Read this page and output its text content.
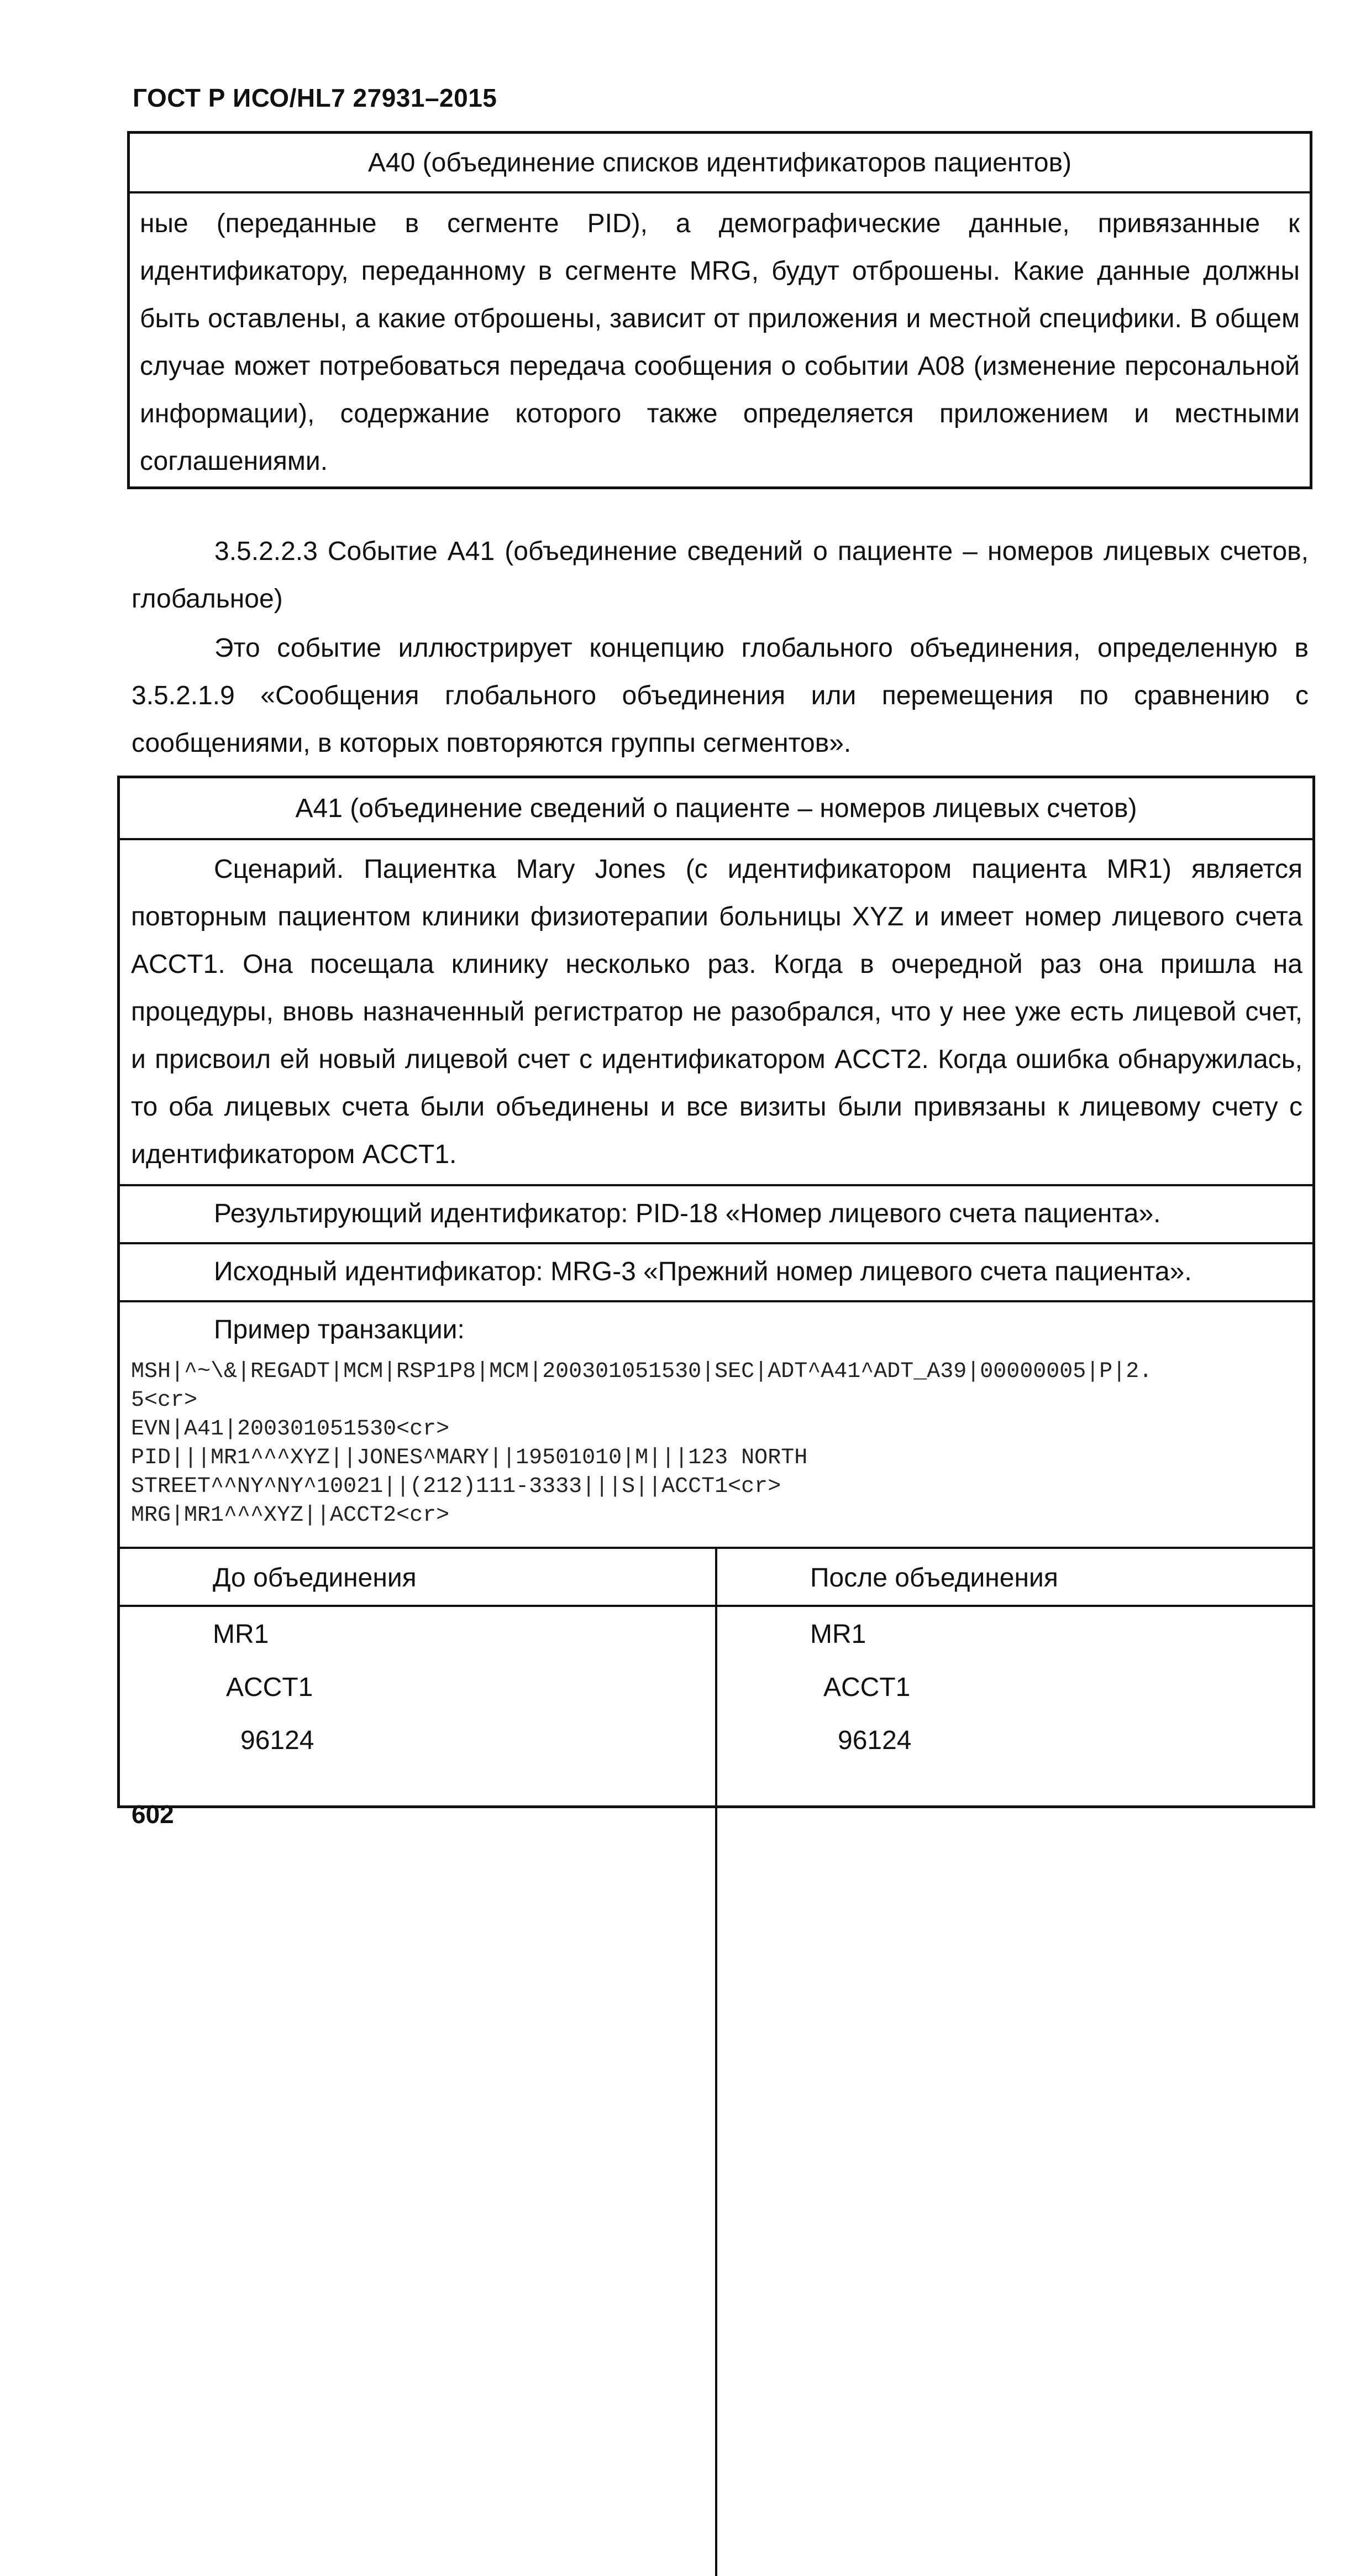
ГОСТ Р ИСО/HL7 27931–2015
А40 (объединение списков идентификаторов пациентов)
ные (переданные в сегменте PID), а демографические данные, привязанные к идентификатору, переданному в сегменте MRG, будут отброшены. Какие данные должны быть оставлены, а какие отброшены, зависит от приложения и местной специфики. В общем случае может потребоваться передача сообщения о событии А08 (изменение персональной информации), содержание которого также определяется приложением и местными соглашениями.
3.5.2.2.3 Событие А41 (объединение сведений о пациенте – номеров лицевых счетов, глобальное)
Это событие иллюстрирует концепцию глобального объединения, определенную в 3.5.2.1.9 «Сообщения глобального объединения или перемещения по сравнению с сообщениями, в которых повторяются группы сегментов».
А41 (объединение сведений о пациенте – номеров лицевых счетов)
Сценарий. Пациентка Mary Jones (с идентификатором пациента MR1) является повторным пациентом клиники физиотерапии больницы XYZ и имеет номер лицевого счета ACCT1. Она посещала клинику несколько раз. Когда в очередной раз она пришла на процедуры, вновь назначенный регистратор не разобрался, что у нее уже есть лицевой счет, и присвоил ей новый лицевой счет с идентификатором ACCT2. Когда ошибка обнаружилась, то оба лицевых счета были объединены и все визиты были привязаны к лицевому счету с идентификатором ACCT1.
Результирующий идентификатор: PID-18 «Номер лицевого счета пациента».
Исходный идентификатор: MRG-3 «Прежний номер лицевого счета пациента».
Пример транзакции:
MSH|^~\&|REGADT|MCM|RSP1P8|MCM|200301051530|SEC|ADT^A41^ADT_A39|00000005|P|2.
5<cr>
EVN|A41|200301051530<cr>
PID|||MR1^^^XYZ||JONES^MARY||19501010|M|||123 NORTH
STREET^^NY^NY^10021||(212)111-3333|||S||ACCT1<cr>
MRG|MR1^^^XYZ||ACCT2<cr>
До объединения
MR1
ACCT1
96124
После объединения
MR1
ACCT1
96124
602
